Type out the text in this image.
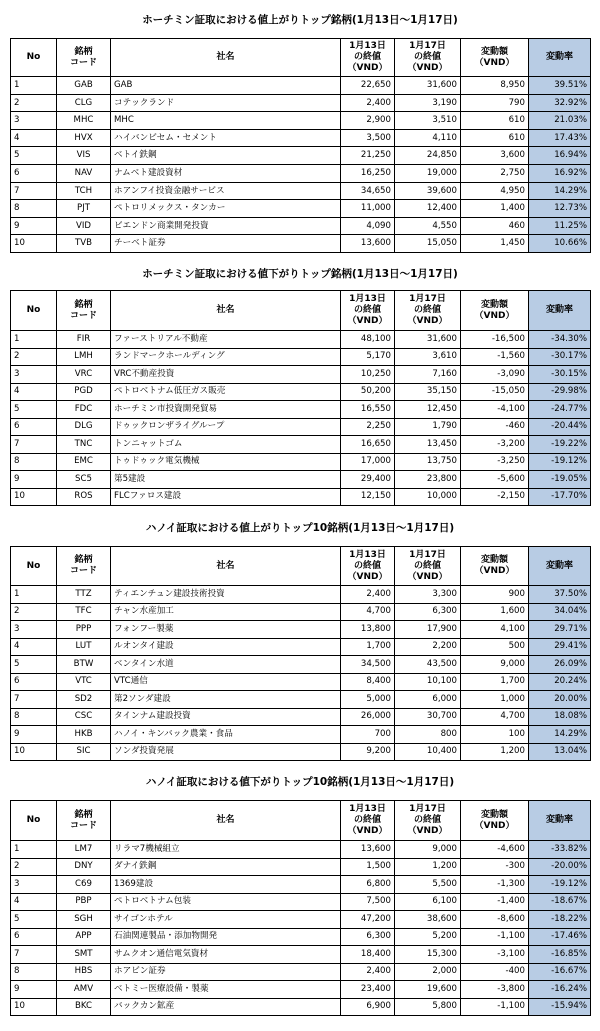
ホーチミン証取における値上がりトップ銘柄(1月13日～1月17日)
No	銘柄
コード	社名	1月13日
の終値
（VND）	1月17日
の終値
（VND）	変動額
（VND）	変動率
1	GAB	GAB	22,650	31,600	8,950	39.51%
2	CLG	コテックランド	2,400	3,190	790	32.92%
3	MHC	MHC	2,900	3,510	610	21.03%
4	HVX	ハイバンビセム・セメント	3,500	4,110	610	17.43%
5	VIS	ベトイ鉄鋼	21,250	24,850	3,600	16.94%
6	NAV	ナムベト建設資材	16,250	19,000	2,750	16.92%
7	TCH	ホアンフイ投資金融サービス	34,650	39,600	4,950	14.29%
8	PJT	ペトロリメックス・タンカー	11,000	12,400	1,400	12.73%
9	VID	ビエンドン商業開発投資	4,090	4,550	460	11.25%
10	TVB	チーベト証券	13,600	15,050	1,450	10.66%
ホーチミン証取における値下がりトップ銘柄(1月13日～1月17日)
No	銘柄
コード	社名	1月13日
の終値
（VND）	1月17日
の終値
（VND）	変動額
（VND）	変動率
1	FIR	ファーストリアル不動産	48,100	31,600	-16,500	-34.30%
2	LMH	ランドマークホールディング	5,170	3,610	-1,560	-30.17%
3	VRC	VRC不動産投資	10,250	7,160	-3,090	-30.15%
4	PGD	ペトロベトナム低圧ガス販売	50,200	35,150	-15,050	-29.98%
5	FDC	ホーチミン市投資開発貿易	16,550	12,450	-4,100	-24.77%
6	DLG	ドゥックロンザライグループ	2,250	1,790	-460	-20.44%
7	TNC	トンニャットゴム	16,650	13,450	-3,200	-19.22%
8	EMC	トゥドゥック電気機械	17,000	13,750	-3,250	-19.12%
9	SC5	第5建設	29,400	23,800	-5,600	-19.05%
10	ROS	FLCファロス建設	12,150	10,000	-2,150	-17.70%
ハノイ証取における値上がりトップ10銘柄(1月13日～1月17日)
No	銘柄
コード	社名	1月13日
の終値
（VND）	1月17日
の終値
（VND）	変動額
（VND）	変動率
1	TTZ	ティエンチュン建設技術投資	2,400	3,300	900	37.50%
2	TFC	チャン水産加工	4,700	6,300	1,600	34.04%
3	PPP	フォンフー製薬	13,800	17,900	4,100	29.71%
4	LUT	ルオンタイ建設	1,700	2,200	500	29.41%
5	BTW	ベンタイン水道	34,500	43,500	9,000	26.09%
6	VTC	VTC通信	8,400	10,100	1,700	20.24%
7	SD2	第2ソンダ建設	5,000	6,000	1,000	20.00%
8	CSC	タインナム建設投資	26,000	30,700	4,700	18.08%
9	HKB	ハノイ・キンバック農業・食品	700	800	100	14.29%
10	SIC	ソンダ投資発展	9,200	10,400	1,200	13.04%
ハノイ証取における値下がりトップ10銘柄(1月13日～1月17日)
No	銘柄
コード	社名	1月13日
の終値
（VND）	1月17日
の終値
（VND）	変動額
（VND）	変動率
1	LM7	リラマ7機械組立	13,600	9,000	-4,600	-33.82%
2	DNY	ダナイ鉄鋼	1,500	1,200	-300	-20.00%
3	C69	1369建設	6,800	5,500	-1,300	-19.12%
4	PBP	ペトロベトナム包装	7,500	6,100	-1,400	-18.67%
5	SGH	サイゴンホテル	47,200	38,600	-8,600	-18.22%
6	APP	石油関連製品・添加物開発	6,300	5,200	-1,100	-17.46%
7	SMT	サムクオン通信電気資材	18,400	15,300	-3,100	-16.85%
8	HBS	ホアビン証券	2,400	2,000	-400	-16.67%
9	AMV	ベトミー医療設備・製薬	23,400	19,600	-3,800	-16.24%
10	BKC	バックカン鉱産	6,900	5,800	-1,100	-15.94%
